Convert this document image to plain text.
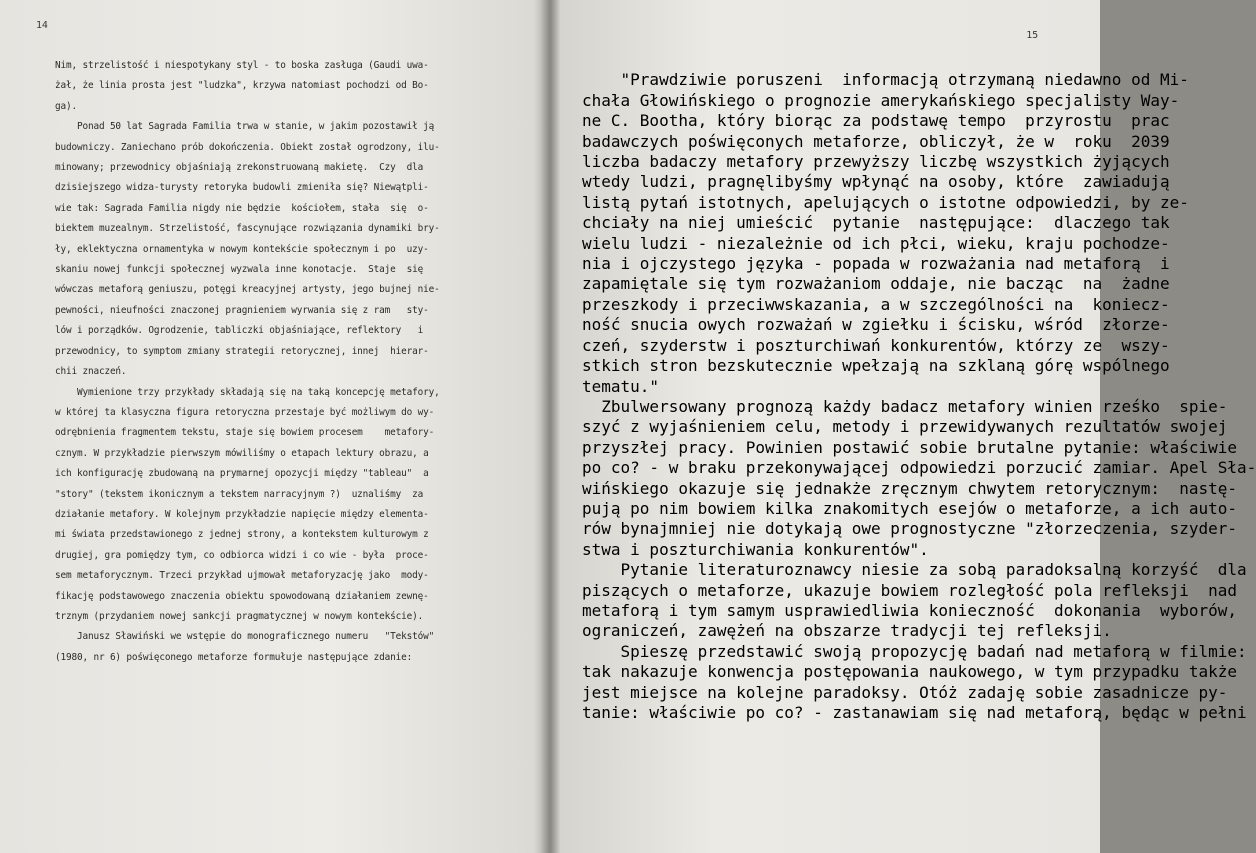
14
Nim, strzelistość i niespotykany styl - to boska zasługa (Gaudi uwa-
żał, że linia prosta jest "ludzka", krzywa natomiast pochodzi od Bo-
ga).
Ponad 50 lat Sagrada Familia trwa w stanie, w jakim pozostawił ją
budowniczy. Zaniechano prób dokończenia. Obiekt został ogrodzony, ilu-
minowany; przewodnicy objaśniają zrekonstruowaną makietę.  Czy  dla
dzisiejszego widza-turysty retoryka budowli zmieniła się? Niewątpli-
wie tak: Sagrada Familia nigdy nie będzie  kościołem, stała  się  o-
biektem muzealnym. Strzelistość, fascynujące rozwiązania dynamiki bry-
ły, eklektyczna ornamentyka w nowym kontekście społecznym i po  uzy-
skaniu nowej funkcji społecznej wyzwala inne konotacje.  Staje  się
wówczas metaforą geniuszu, potęgi kreacyjnej artysty, jego bujnej nie-
pewności, nieufności znaczonej pragnieniem wyrwania się z ram   sty-
lów i porządków. Ogrodzenie, tabliczki objaśniające, reflektory   i
przewodnicy, to symptom zmiany strategii retorycznej, innej  hierar-
chii znaczeń.
Wymienione trzy przykłady składają się na taką koncepcję metafory,
w której ta klasyczna figura retoryczna przestaje być możliwym do wy-
odrębnienia fragmentem tekstu, staje się bowiem procesem    metafory-
cznym. W przykładzie pierwszym mówiliśmy o etapach lektury obrazu, a
ich konfigurację zbudowaną na prymarnej opozycji między "tableau"  a
"story" (tekstem ikonicznym a tekstem narracyjnym ?)  uznaliśmy  za
działanie metafory. W kolejnym przykładzie napięcie między elementa-
mi świata przedstawionego z jednej strony, a kontekstem kulturowym z
drugiej, gra pomiędzy tym, co odbiorca widzi i co wie - była  proce-
sem metaforycznym. Trzeci przykład ujmował metaforyzację jako  mody-
fikację podstawowego znaczenia obiektu spowodowaną działaniem zewnę-
trznym (przydaniem nowej sankcji pragmatycznej w nowym kontekście).
Janusz Sławiński we wstępie do monograficznego numeru   "Tekstów"
(1980, nr 6) poświęconego metaforze formułuje następujące zdanie:
15

"Prawdziwie poruszeni  informacją otrzymaną niedawno od Mi-
chała Głowińskiego o prognozie amerykańskiego specjalisty Way-
ne C. Bootha, który biorąc za podstawę tempo  przyrostu  prac
badawczych poświęconych metaforze, obliczył, że w  roku  2039
liczba badaczy metafory przewyższy liczbę wszystkich żyjących
wtedy ludzi, pragnęlibyśmy wpłynąć na osoby, które  zawiadują
listą pytań istotnych, apelujących o istotne odpowiedzi, by ze-
chciały na niej umieścić  pytanie  następujące:  dlaczego tak
wielu ludzi - niezależnie od ich płci, wieku, kraju pochodze-
nia i ojczystego języka - popada w rozważania nad metaforą  i
zapamiętale się tym rozważaniom oddaje, nie bacząc  na  żadne
przeszkody i przeciwwskazania, a w szczególności na  koniecz-
ność snucia owych rozważań w zgiełku i ścisku, wśród  złorze-
czeń, szyderstw i poszturchiwań konkurentów, którzy ze  wszy-
stkich stron bezskutecznie wpełzają na szklaną górę wspólnego
tematu."
Zbulwersowany prognozą każdy badacz metafory winien rześko  spie-
szyć z wyjaśnieniem celu, metody i przewidywanych rezultatów swojej
przyszłej pracy. Powinien postawić sobie brutalne pytanie: właściwie
po co? - w braku przekonywającej odpowiedzi porzucić zamiar. Apel Sła-
wińskiego okazuje się jednakże zręcznym chwytem retorycznym:  nastę-
pują po nim bowiem kilka znakomitych esejów o metaforze, a ich auto-
rów bynajmniej nie dotykają owe prognostyczne "złorzeczenia, szyder-
stwa i poszturchiwania konkurentów".
Pytanie literaturoznawcy niesie za sobą paradoksalną korzyść  dla
piszących o metaforze, ukazuje bowiem rozległość pola refleksji  nad
metaforą i tym samym usprawiedliwia konieczność  dokonania  wyborów,
ograniczeń, zawężeń na obszarze tradycji tej refleksji.
Spieszę przedstawić swoją propozycję badań nad metaforą w filmie:
tak nakazuje konwencja postępowania naukowego, w tym przypadku także
jest miejsce na kolejne paradoksy. Otóż zadaję sobie zasadnicze py-
tanie: właściwie po co? - zastanawiam się nad metaforą, będąc w pełni
